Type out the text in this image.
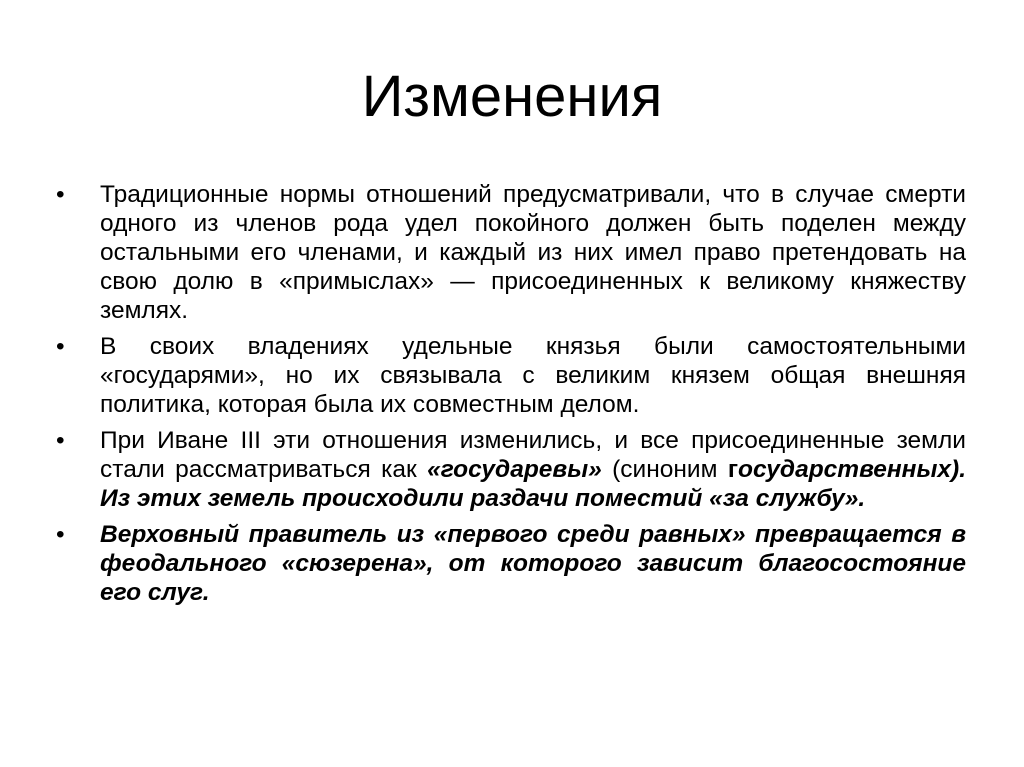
Изменения
•	Традиционные нормы отношений предусматривали, что в случае смерти одного из членов рода удел покойного должен быть поделен между остальными его членами, и каждый из них имел право претендовать на свою долю в «примыслах» — присоединенных к великому княжеству землях.
•	В своих владениях удельные князья были самостоятельными «государями», но их связывала с великим князем общая внешняя политика, которая была их совместным делом.
•	При Иване III эти отношения изменились, и все присоединенные земли стали рассматриваться как «государевы» (синоним государственных). Из этих земель происходили раздачи поместий «за службу».
•	Верховный правитель из «первого среди равных» превращается в феодального «сюзерена», от которого зависит благосостояние его слуг.
